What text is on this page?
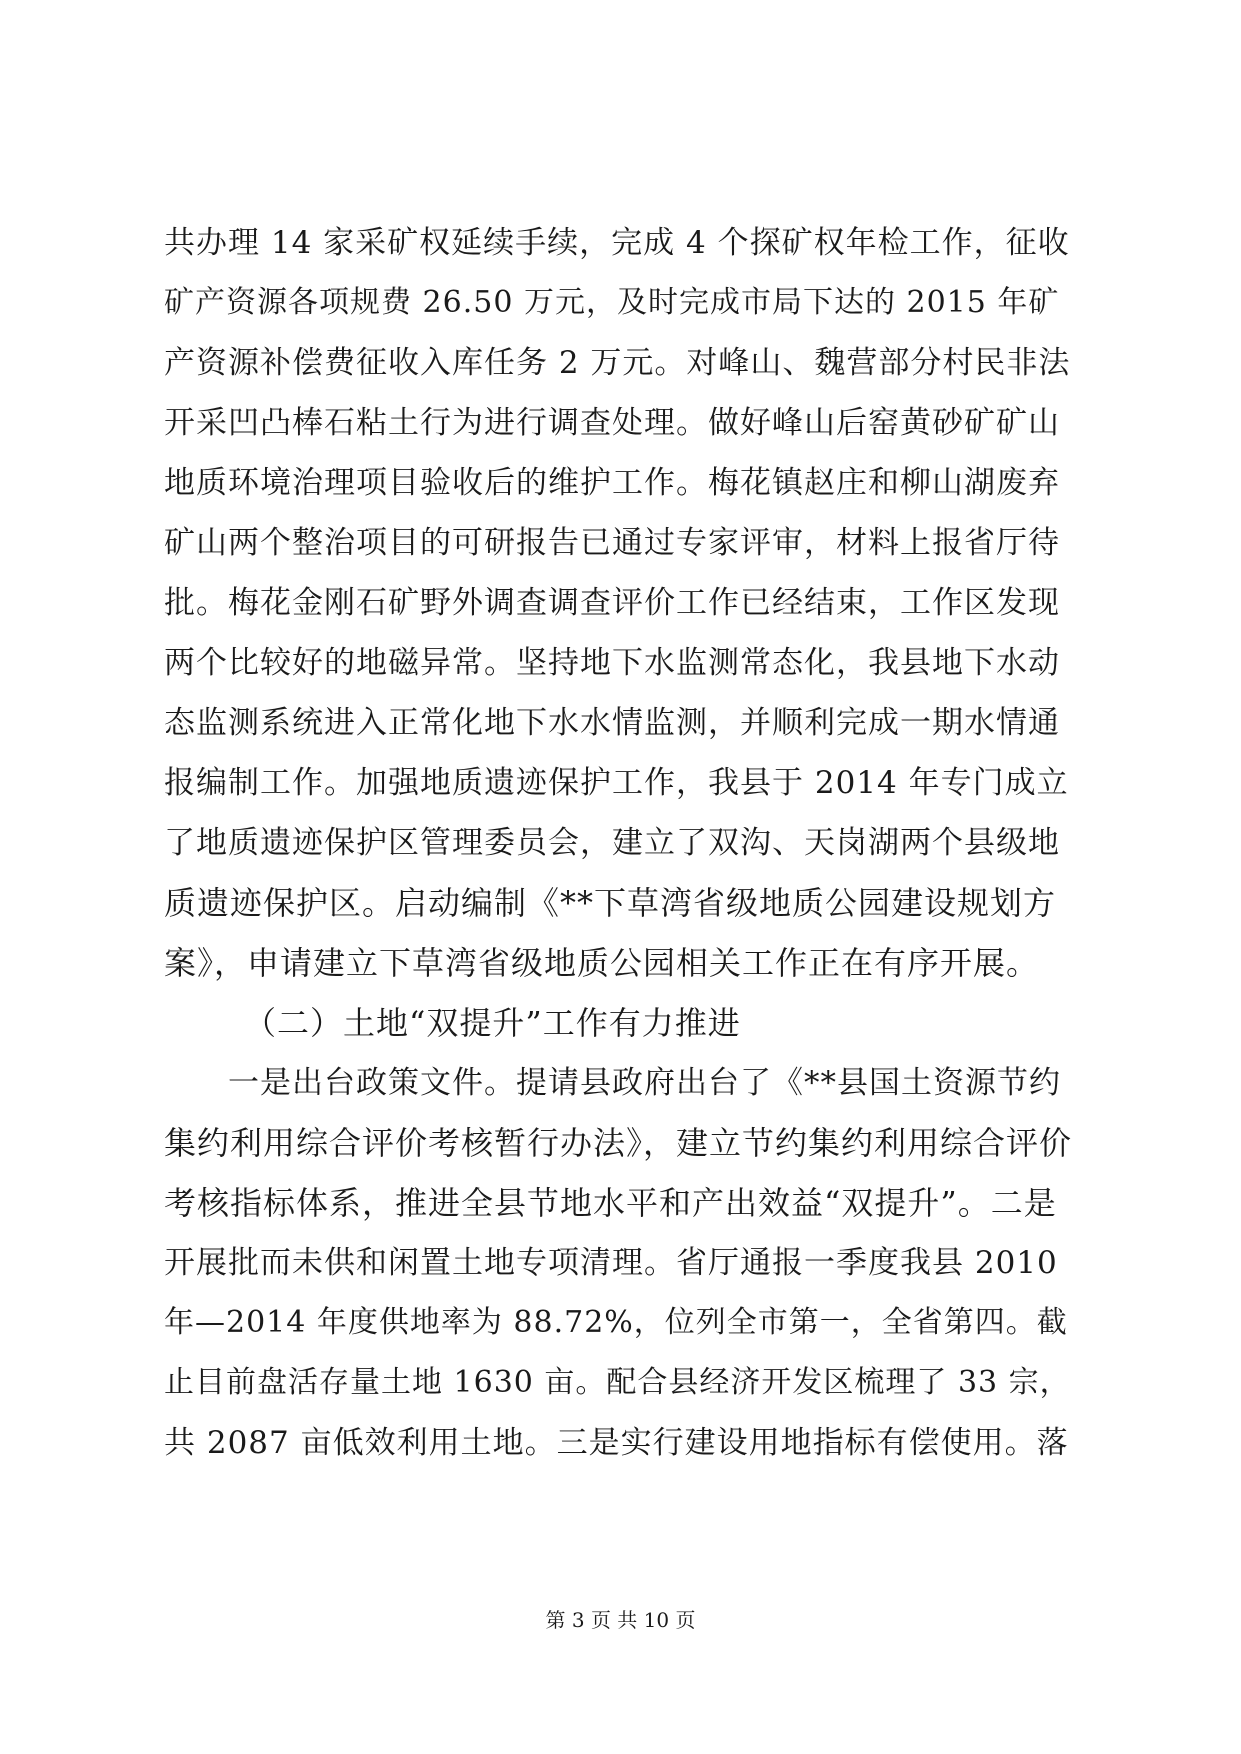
共办理 14 家采矿权延续手续，完成 4 个探矿权年检工作，征收
矿产资源各项规费 26.50 万元，及时完成市局下达的 2015 年矿
产资源补偿费征收入库任务 2 万元。对峰山、魏营部分村民非法
开采凹凸棒石粘土行为进行调查处理。做好峰山后窑黄砂矿矿山
地质环境治理项目验收后的维护工作。梅花镇赵庄和柳山湖废弃
矿山两个整治项目的可研报告已通过专家评审，材料上报省厅待
批。梅花金刚石矿野外调查调查评价工作已经结束，工作区发现
两个比较好的地磁异常。坚持地下水监测常态化，我县地下水动
态监测系统进入正常化地下水水情监测，并顺利完成一期水情通
报编制工作。加强地质遗迹保护工作，我县于 2014 年专门成立
了地质遗迹保护区管理委员会，建立了双沟、天岗湖两个县级地
质遗迹保护区。启动编制《**下草湾省级地质公园建设规划方
案》，申请建立下草湾省级地质公园相关工作正在有序开展。
（二）土地“双提升”工作有力推进
一是出台政策文件。提请县政府出台了《**县国土资源节约
集约利用综合评价考核暂行办法》，建立节约集约利用综合评价
考核指标体系，推进全县节地水平和产出效益“双提升”。二是
开展批而未供和闲置土地专项清理。省厅通报一季度我县 2010
年—2014 年度供地率为 88.72%，位列全市第一，全省第四。截
止目前盘活存量土地 1630 亩。配合县经济开发区梳理了 33 宗，
共 2087 亩低效利用土地。三是实行建设用地指标有偿使用。落
第 3 页 共 10 页
